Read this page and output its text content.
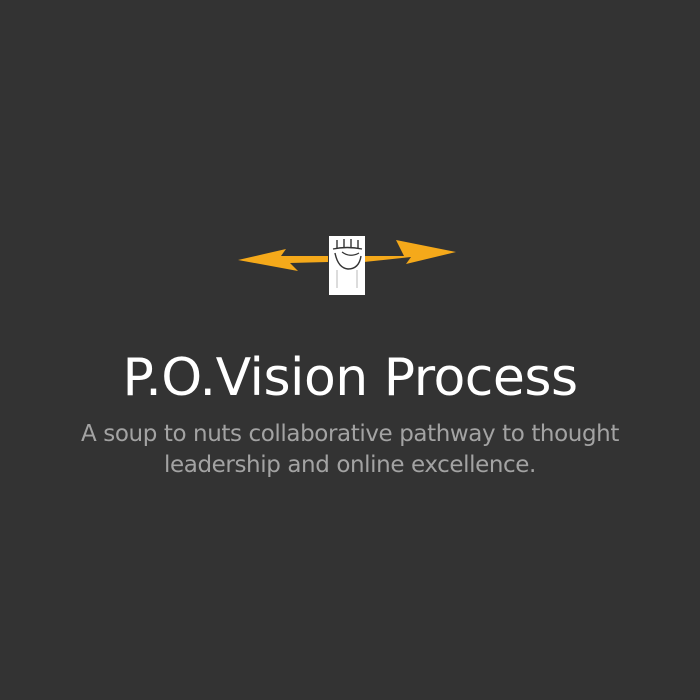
P.O.Vision Process

A soup to nuts collaborative pathway to thought leadership and online excellence.
